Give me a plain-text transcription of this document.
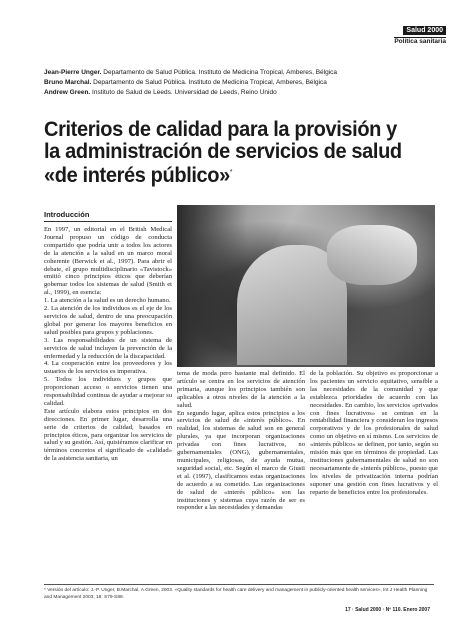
Salud 2000
Política sanitaria
Jean-Pierre Unger. Departamento de Salud Pública. Instituto de Medicina Tropical, Amberes, Bélgica
Bruno Marchal. Departamento de Salud Pública. Instituto de Medicina Tropical, Amberes, Bélgica
Andrew Green. Instituto de Salud de Leeds. Universidad de Leeds, Reino Unido
Criterios de calidad para la provisión y
la administración de servicios de salud
«de interés público»*
Introducción

En 1997, un editorial en el British Medical Journal propuso un código de conducta compartido que podría unir a todos los actores de la atención a la salud en un marco moral coherente (Berwick et al., 1997). Para abrir el debate, el grupo multidisciplinario «Tavistock» emitió cinco principios éticos que deberían gobernar todos los sistemas de salud (Smith et al., 1999), en esencia:

1. La atención a la salud es un derecho humano.

2. La atención de los individuos es el eje de los servicios de salud, dentro de una preocupación global por generar los mayores beneficios en salud posibles para grupos y poblaciones.

3. Las responsabilidades de un sistema de servicios de salud incluyen la prevención de la enfermedad y la reducción de la discapacidad.

4. La cooperación entre los proveedores y los usuarios de los servicios es imperativa.

5. Todos los individuos y grupos que proporcionan acceso o servicios tienen una responsabilidad continua de ayudar a mejorar su calidad.

Este artículo elabora estos principios en dos direcciones. En primer lugar, desarrolla una serie de criterios de calidad, basados en principios éticos, para organizar los servicios de salud y su gestión. Así, quisiéramos clarificar en términos concretos el significado de «calidad» de la asistencia sanitaria, un

tema de moda pero bastante mal definido. El artículo se centra en los servicios de atención primaria, aunque los principios también son aplicables a otros niveles de la atención a la salud.

En segundo lugar, aplica estos principios a los servicios de salud de «interés público». En realidad, los sistemas de salud son en general plurales, ya que incorporan organizaciones privadas con fines lucrativos, no gubernamentales (ONG), gubernamentales, municipales, religiosas, de ayuda mutua, seguridad social, etc. Según el marco de Giusti et al. (1997), clasificamos estas organizaciones de acuerdo a su cometido. Las organizaciones de salud de «interés público» son las instituciones y sistemas cuya razón de ser es responder a las necesidades y demandas

de la población. Su objetivo es proporcionar a los pacientes un servicio equitativo, sensible a las necesidades de la comunidad y que establezca prioridades de acuerdo con las necesidades. En cambio, los servicios «privados con fines lucrativos» se centran en la rentabilidad financiera y consideran los ingresos corporativos y de los profesionales de salud como un objetivo en sí mismo. Los servicios de «interés público» se definen, por tanto, según su misión más que en términos de propiedad. Las instituciones gubernamentales de salud no son necesariamente de «interés público», puesto que los niveles de privatización interna podrían suponer una gestión con fines lucrativos y el reparto de beneficios entre los profesionales.

* Versión del artículo: J.-P. Unger, B.Marchal, A.Green, 2003. «Quality standards for health care delivery and management in publicly-oriented health services», Int J Health Planning and Management 2003; 18: S79-S88.
17 · Salud 2000 · Nº 110. Enero 2007
